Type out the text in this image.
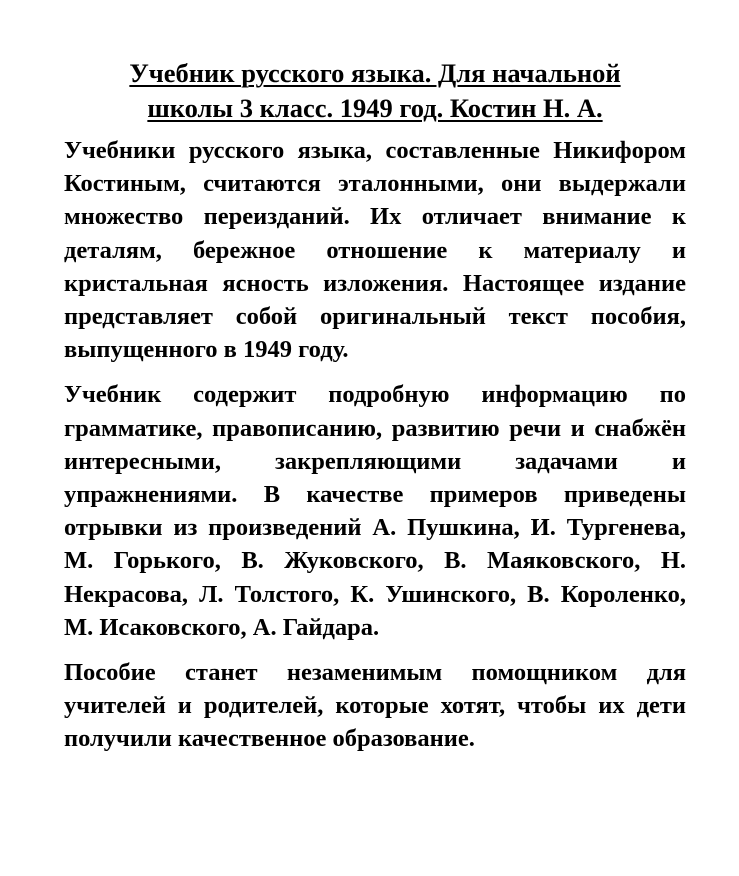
Учебник русского языка. Для начальной
школы 3 класс. 1949 год. Костин Н. А.

Учебники русского языка, составленные Никифором Костиным, считаются эталонными, они выдержали множество переизданий. Их отличает внимание к деталям, бережное отношение к материалу и кристальная ясность изложения. Настоящее издание представляет собой оригинальный текст пособия, выпущенного в 1949 году.

Учебник содержит подробную информацию по грамматике, правописанию, развитию речи и снабжён интересными, закрепляющими задачами и упражнениями. В качестве примеров приведены отрывки из произведений А. Пушкина, И. Тургенева, М. Горького, В. Жуковского, В. Маяковского, Н. Некрасова, Л. Толстого, К. Ушинского, В. Короленко, М. Исаковского, А. Гайдара.

Пособие станет незаменимым помощником для учителей и родителей, которые хотят, чтобы их дети получили качественное образование.
